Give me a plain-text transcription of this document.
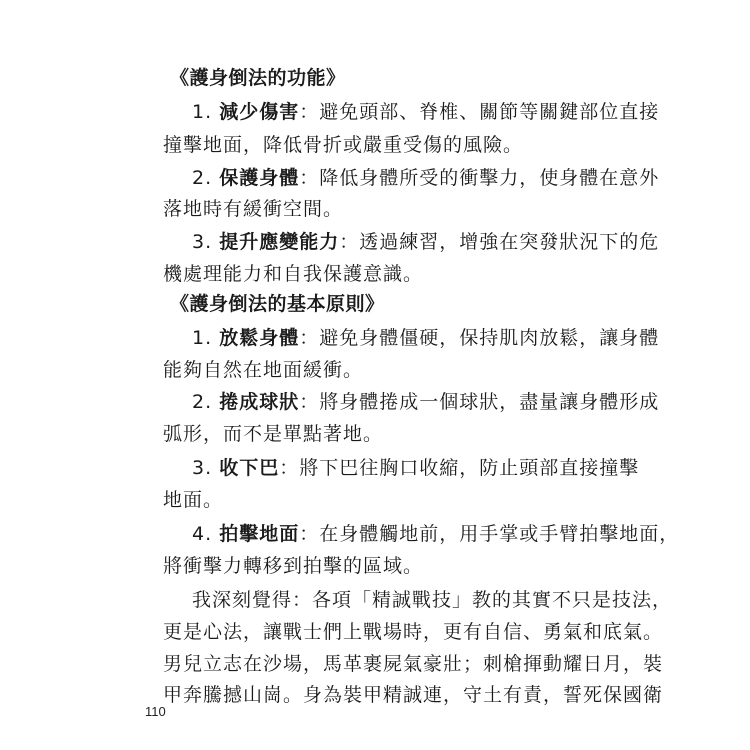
《護身倒法的功能》
1. 減少傷害：避免頭部、脊椎、關節等關鍵部位直接
撞擊地面，降低骨折或嚴重受傷的風險。
2. 保護身體：降低身體所受的衝擊力，使身體在意外
落地時有緩衝空間。
3. 提升應變能力：透過練習，增強在突發狀況下的危
機處理能力和自我保護意識。
《護身倒法的基本原則》
1. 放鬆身體：避免身體僵硬，保持肌肉放鬆，讓身體
能夠自然在地面緩衝。
2. 捲成球狀：將身體捲成一個球狀，盡量讓身體形成
弧形，而不是單點著地。
3. 收下巴：將下巴往胸口收縮，防止頭部直接撞擊
地面。
4. 拍擊地面：在身體觸地前，用手掌或手臂拍擊地面，
將衝擊力轉移到拍擊的區域。
我深刻覺得：各項「精誠戰技」教的其實不只是技法，
更是心法，讓戰士們上戰場時，更有自信、勇氣和底氣。
男兒立志在沙場，馬革裹屍氣豪壯；刺槍揮動耀日月，裝
甲奔騰撼山崗。身為裝甲精誠連，守土有責，誓死保國衛
110
